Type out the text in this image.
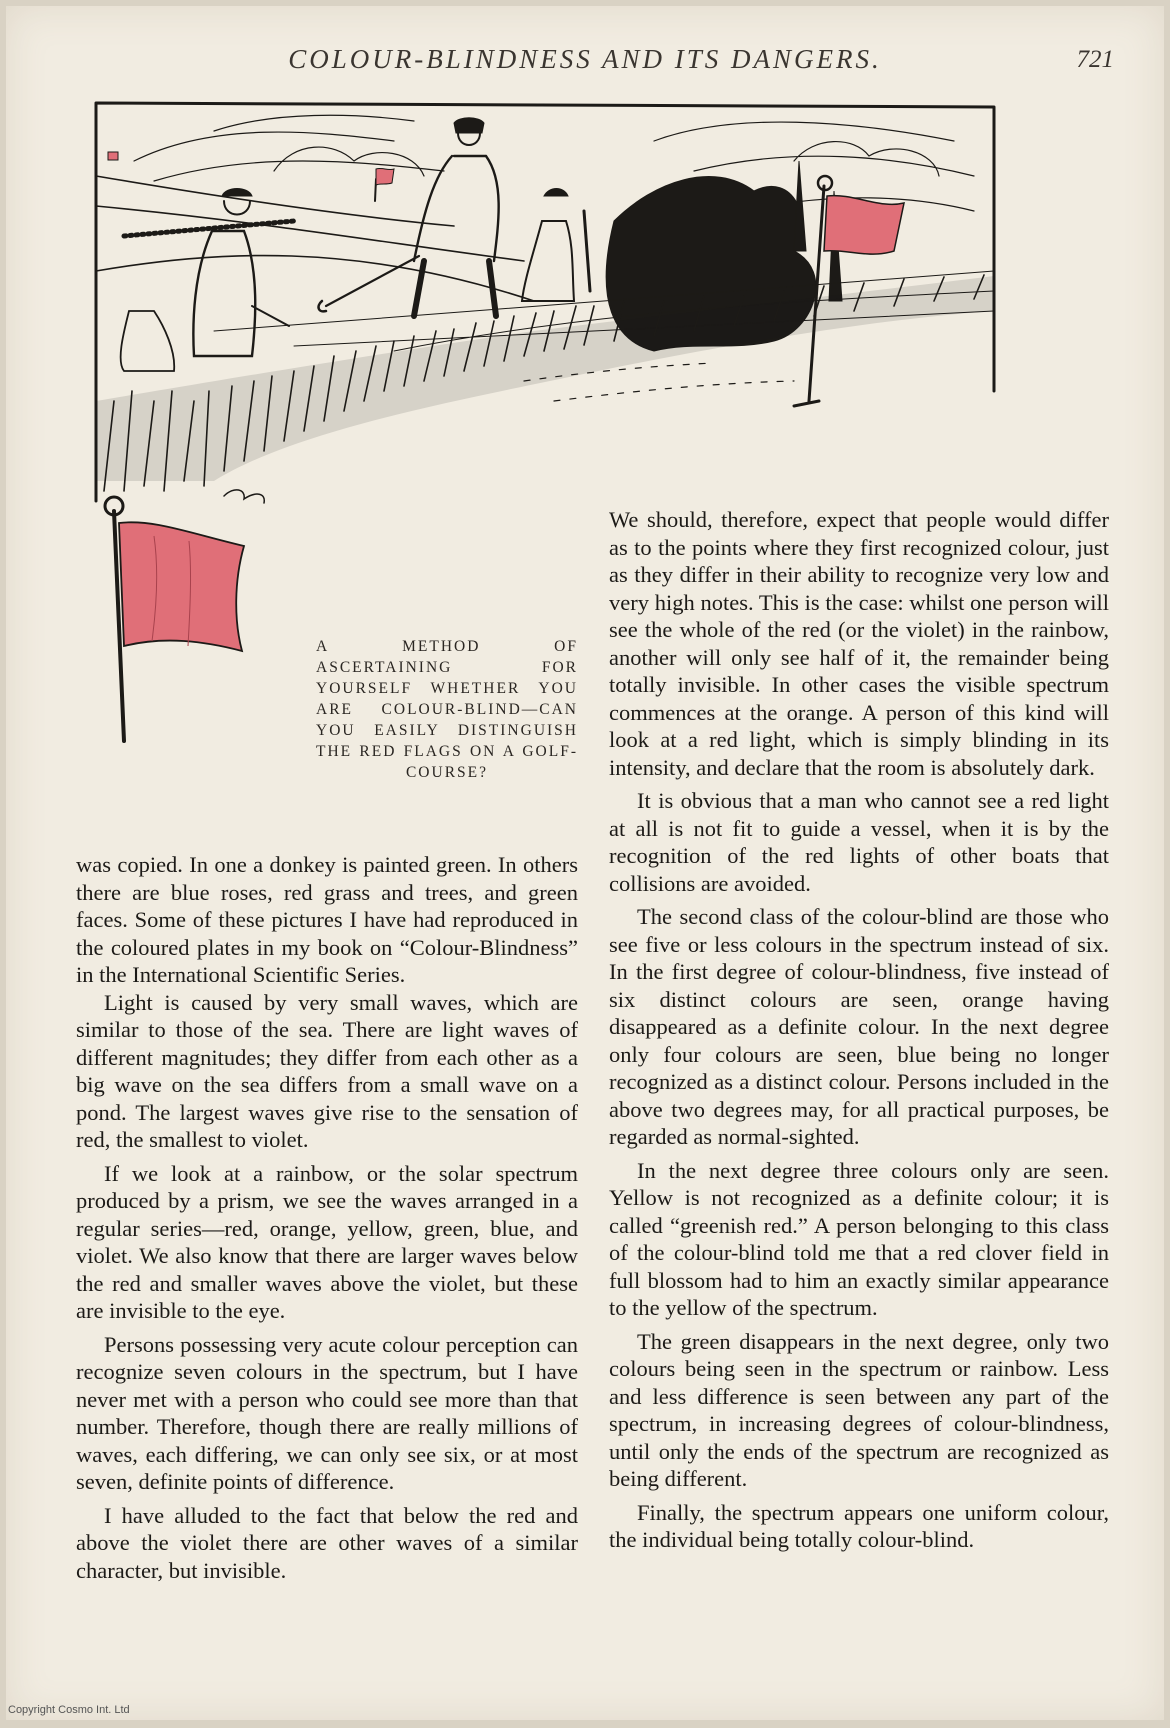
COLOUR-BLINDNESS AND ITS DANGERS.	721
A METHOD OF ASCERTAINING FOR YOURSELF WHETHER YOU ARE COLOUR-BLIND—CAN YOU EASILY DISTINGUISH THE RED FLAGS ON A GOLF-COURSE?

was copied. In one a donkey is painted green. In others there are blue roses, red grass and trees, and green faces. Some of these pictures I have had reproduced in the coloured plates in my book on “Colour-Blindness” in the International Scientific Series.

Light is caused by very small waves, which are similar to those of the sea. There are light waves of different magnitudes; they differ from each other as a big wave on the sea differs from a small wave on a pond. The largest waves give rise to the sensation of red, the smallest to violet.

If we look at a rainbow, or the solar spectrum produced by a prism, we see the waves arranged in a regular series—red, orange, yellow, green, blue, and violet. We also know that there are larger waves below the red and smaller waves above the violet, but these are invisible to the eye.

Persons possessing very acute colour perception can recognize seven colours in the spectrum, but I have never met with a person who could see more than that number. Therefore, though there are really millions of waves, each differing, we can only see six, or at most seven, definite points of difference.

I have alluded to the fact that below the red and above the violet there are other waves of a similar character, but invisible.

We should, therefore, expect that people would differ as to the points where they first recognized colour, just as they differ in their ability to recognize very low and very high notes. This is the case: whilst one person will see the whole of the red (or the violet) in the rainbow, another will only see half of it, the remainder being totally invisible. In other cases the visible spectrum commences at the orange. A person of this kind will look at a red light, which is simply blinding in its intensity, and declare that the room is absolutely dark.

It is obvious that a man who cannot see a red light at all is not fit to guide a vessel, when it is by the recognition of the red lights of other boats that collisions are avoided.

The second class of the colour-blind are those who see five or less colours in the spectrum instead of six. In the first degree of colour-blindness, five instead of six distinct colours are seen, orange having disappeared as a definite colour. In the next degree only four colours are seen, blue being no longer recognized as a distinct colour. Persons included in the above two degrees may, for all practical purposes, be regarded as normal-sighted.

In the next degree three colours only are seen. Yellow is not recognized as a definite colour; it is called “greenish red.” A person belonging to this class of the colour-blind told me that a red clover field in full blossom had to him an exactly similar appearance to the yellow of the spectrum.

The green disappears in the next degree, only two colours being seen in the spectrum or rainbow. Less and less difference is seen between any part of the spectrum, in increasing degrees of colour-blindness, until only the ends of the spectrum are recognized as being different.

Finally, the spectrum appears one uniform colour, the individual being totally colour-blind.

Copyright Cosmo Int. Ltd
